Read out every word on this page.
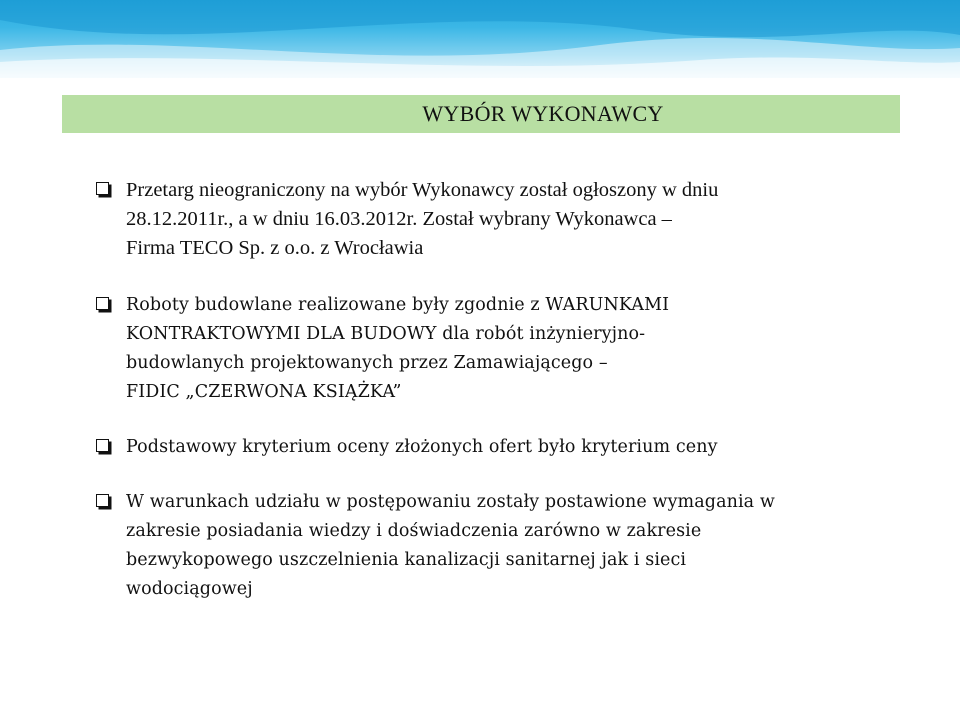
WYBÓR WYKONAWCY
Przetarg nieograniczony na wybór Wykonawcy został ogłoszony w dniu
28.12.2011r., a w dniu 16.03.2012r. Został wybrany Wykonawca –
Firma TECO Sp. z o.o. z Wrocławia
Roboty budowlane realizowane były zgodnie z WARUNKAMI
KONTRAKTOWYMI DLA BUDOWY dla robót inżynieryjno-
budowlanych projektowanych przez Zamawiającego –
FIDIC „CZERWONA KSIĄŻKA”
Podstawowy kryterium oceny złożonych ofert było kryterium ceny
W warunkach udziału w postępowaniu zostały postawione wymagania w
zakresie posiadania wiedzy i doświadczenia zarówno w zakresie
bezwykopowego uszczelnienia kanalizacji sanitarnej jak i sieci
wodociągowej
